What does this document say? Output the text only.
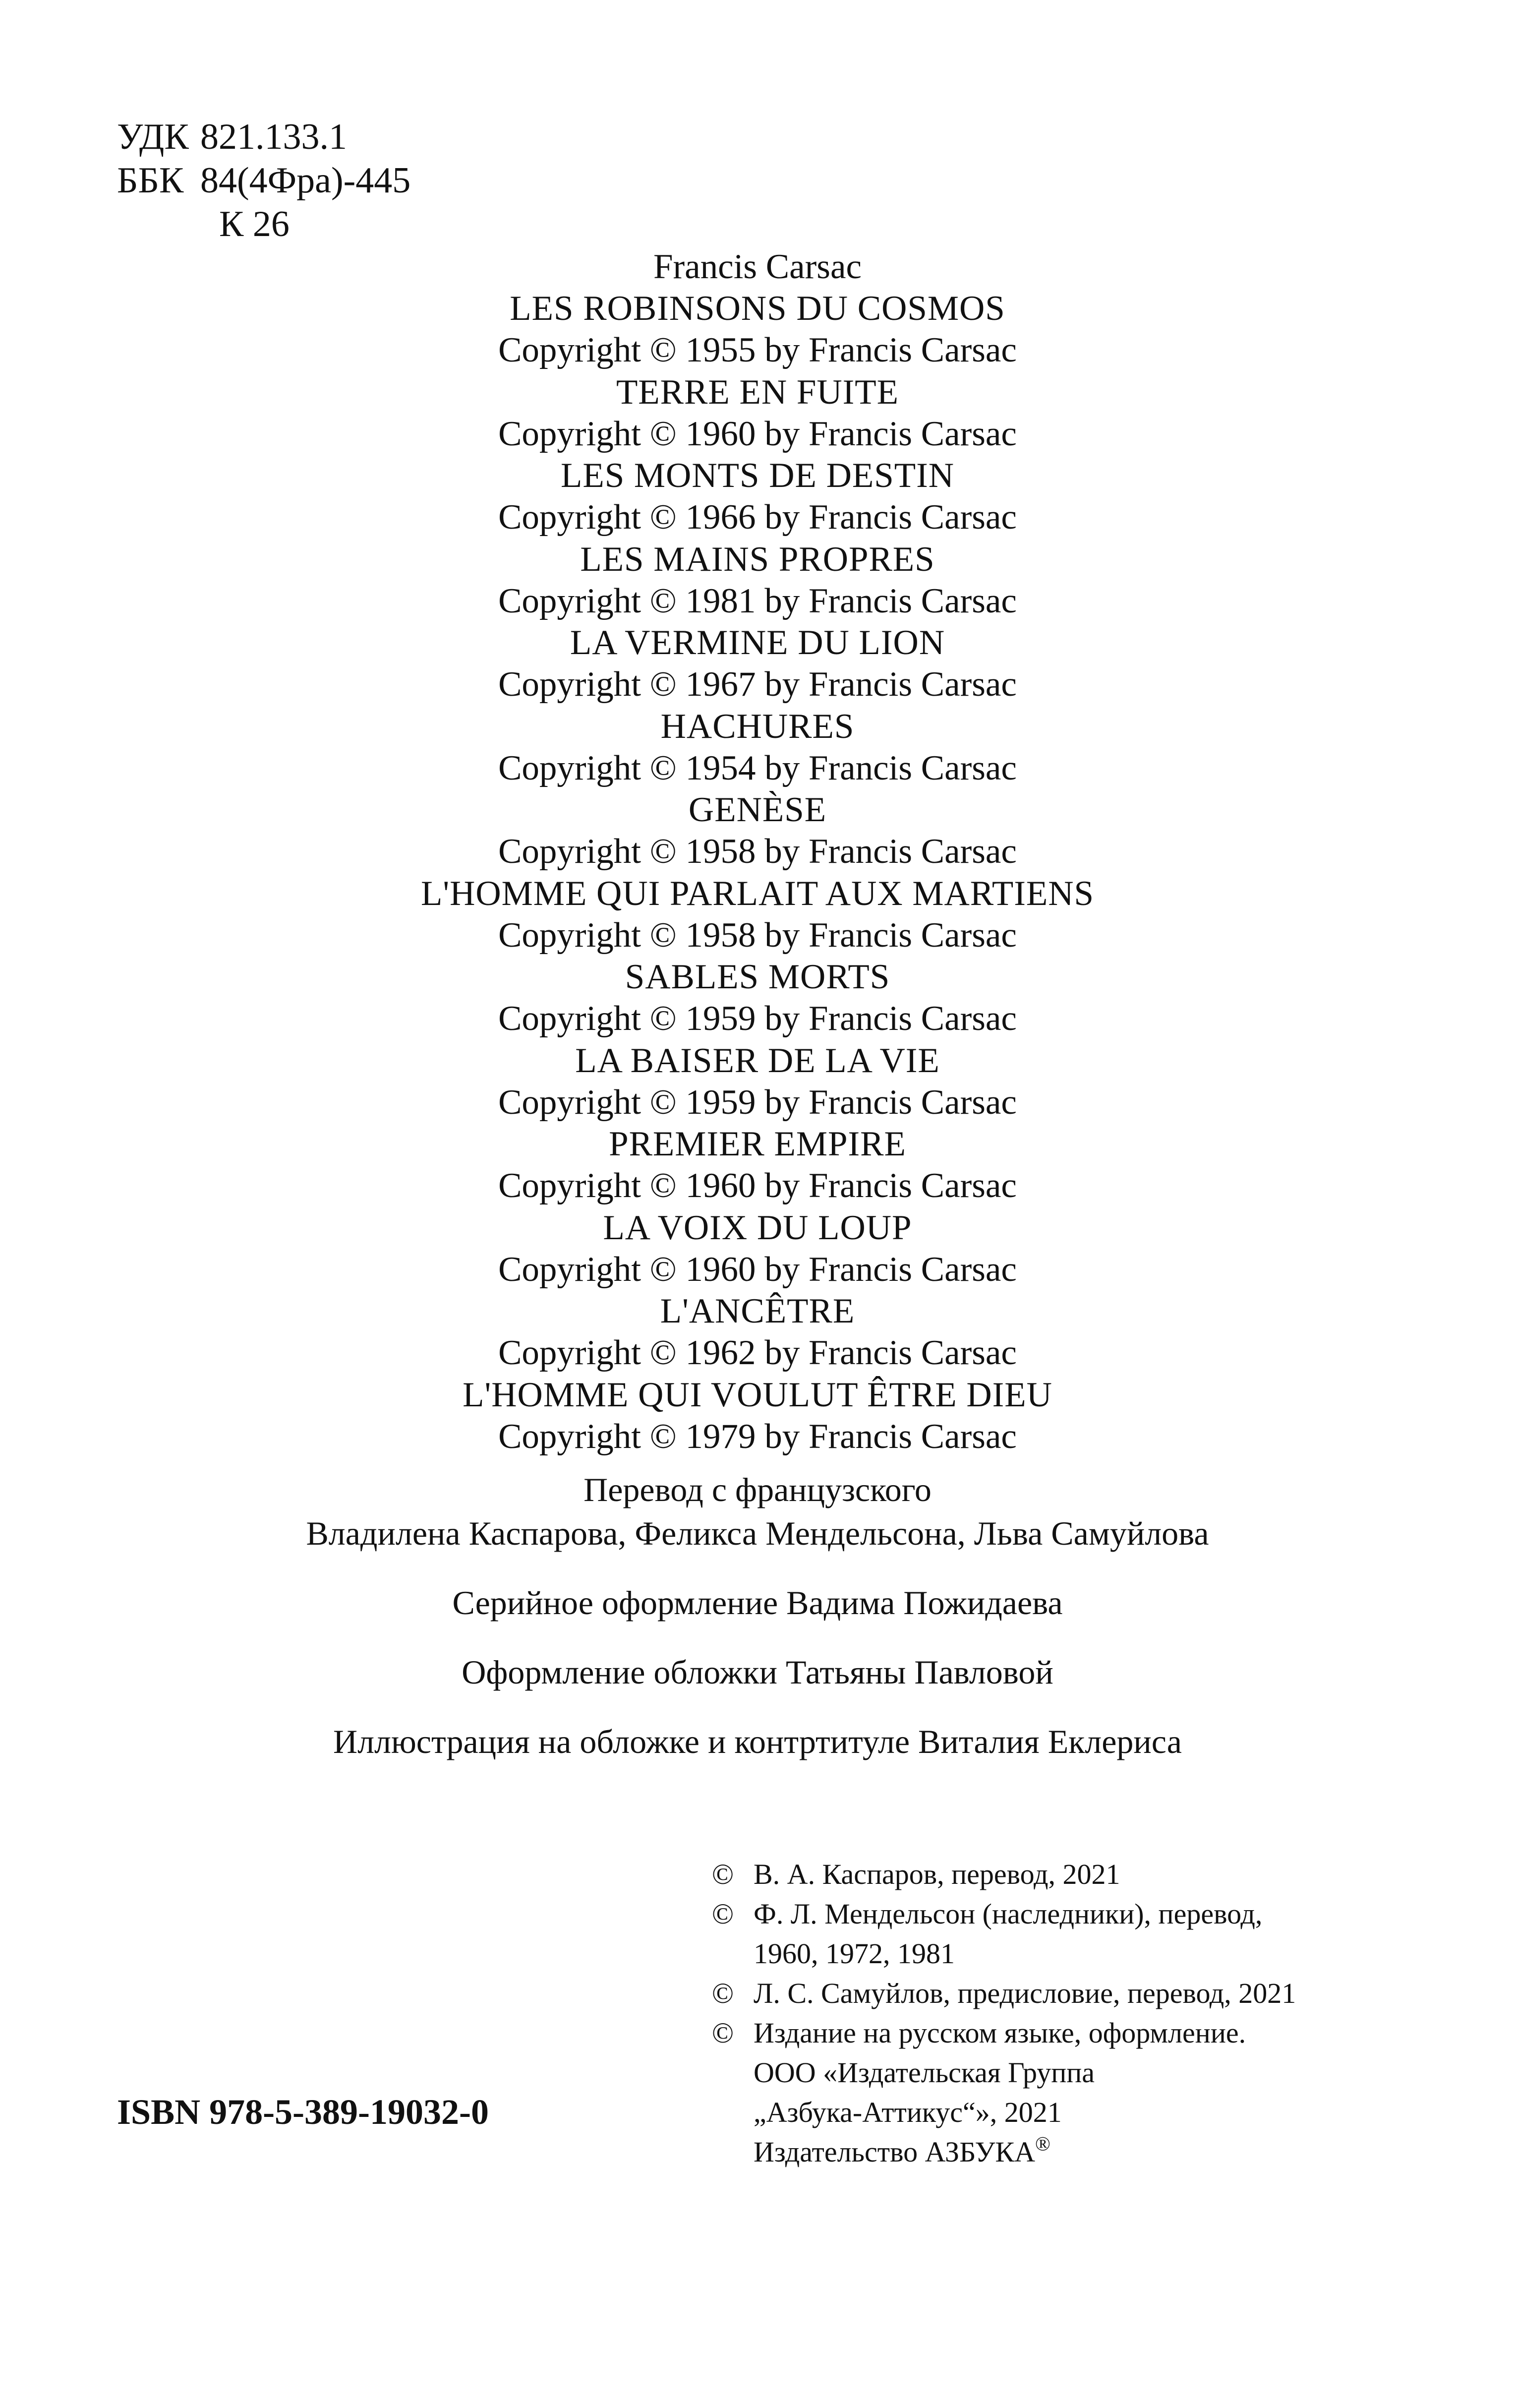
УДК 821.133.1
ББК 84(4Фра)-445
К 26
Francis Carsac
LES ROBINSONS DU COSMOS
Copyright © 1955 by Francis Carsac
TERRE EN FUITE
Copyright © 1960 by Francis Carsac
LES MONTS DE DESTIN
Copyright © 1966 by Francis Carsac
LES MAINS PROPRES
Copyright © 1981 by Francis Carsac
LA VERMINE DU LION
Copyright © 1967 by Francis Carsac
HACHURES
Copyright © 1954 by Francis Carsac
GENÈSE
Copyright © 1958 by Francis Carsac
L'HOMME QUI PARLAIT AUX MARTIENS
Copyright © 1958 by Francis Carsac
SABLES MORTS
Copyright © 1959 by Francis Carsac
LA BAISER DE LA VIE
Copyright © 1959 by Francis Carsac
PREMIER EMPIRE
Copyright © 1960 by Francis Carsac
LA VOIX DU LOUP
Copyright © 1960 by Francis Carsac
L'ANCÊTRE
Copyright © 1962 by Francis Carsac
L'HOMME QUI VOULUT ÊTRE DIEU
Copyright © 1979 by Francis Carsac
Перевод с французского
Владилена Каспарова, Феликса Мендельсона, Льва Самуйлова
Серийное оформление Вадима Пожидаева
Оформление обложки Татьяны Павловой
Иллюстрация на обложке и контртитуле Виталия Еклериса
© В. А. Каспаров, перевод, 2021
© Ф. Л. Мендельсон (наследники), перевод,
1960, 1972, 1981
© Л. С. Самуйлов, предисловие, перевод, 2021
© Издание на русском языке, оформление.
ООО «Издательская Группа
„Азбука-Аттикус“», 2021
Издательство АЗБУКА®
ISBN 978-5-389-19032-0
